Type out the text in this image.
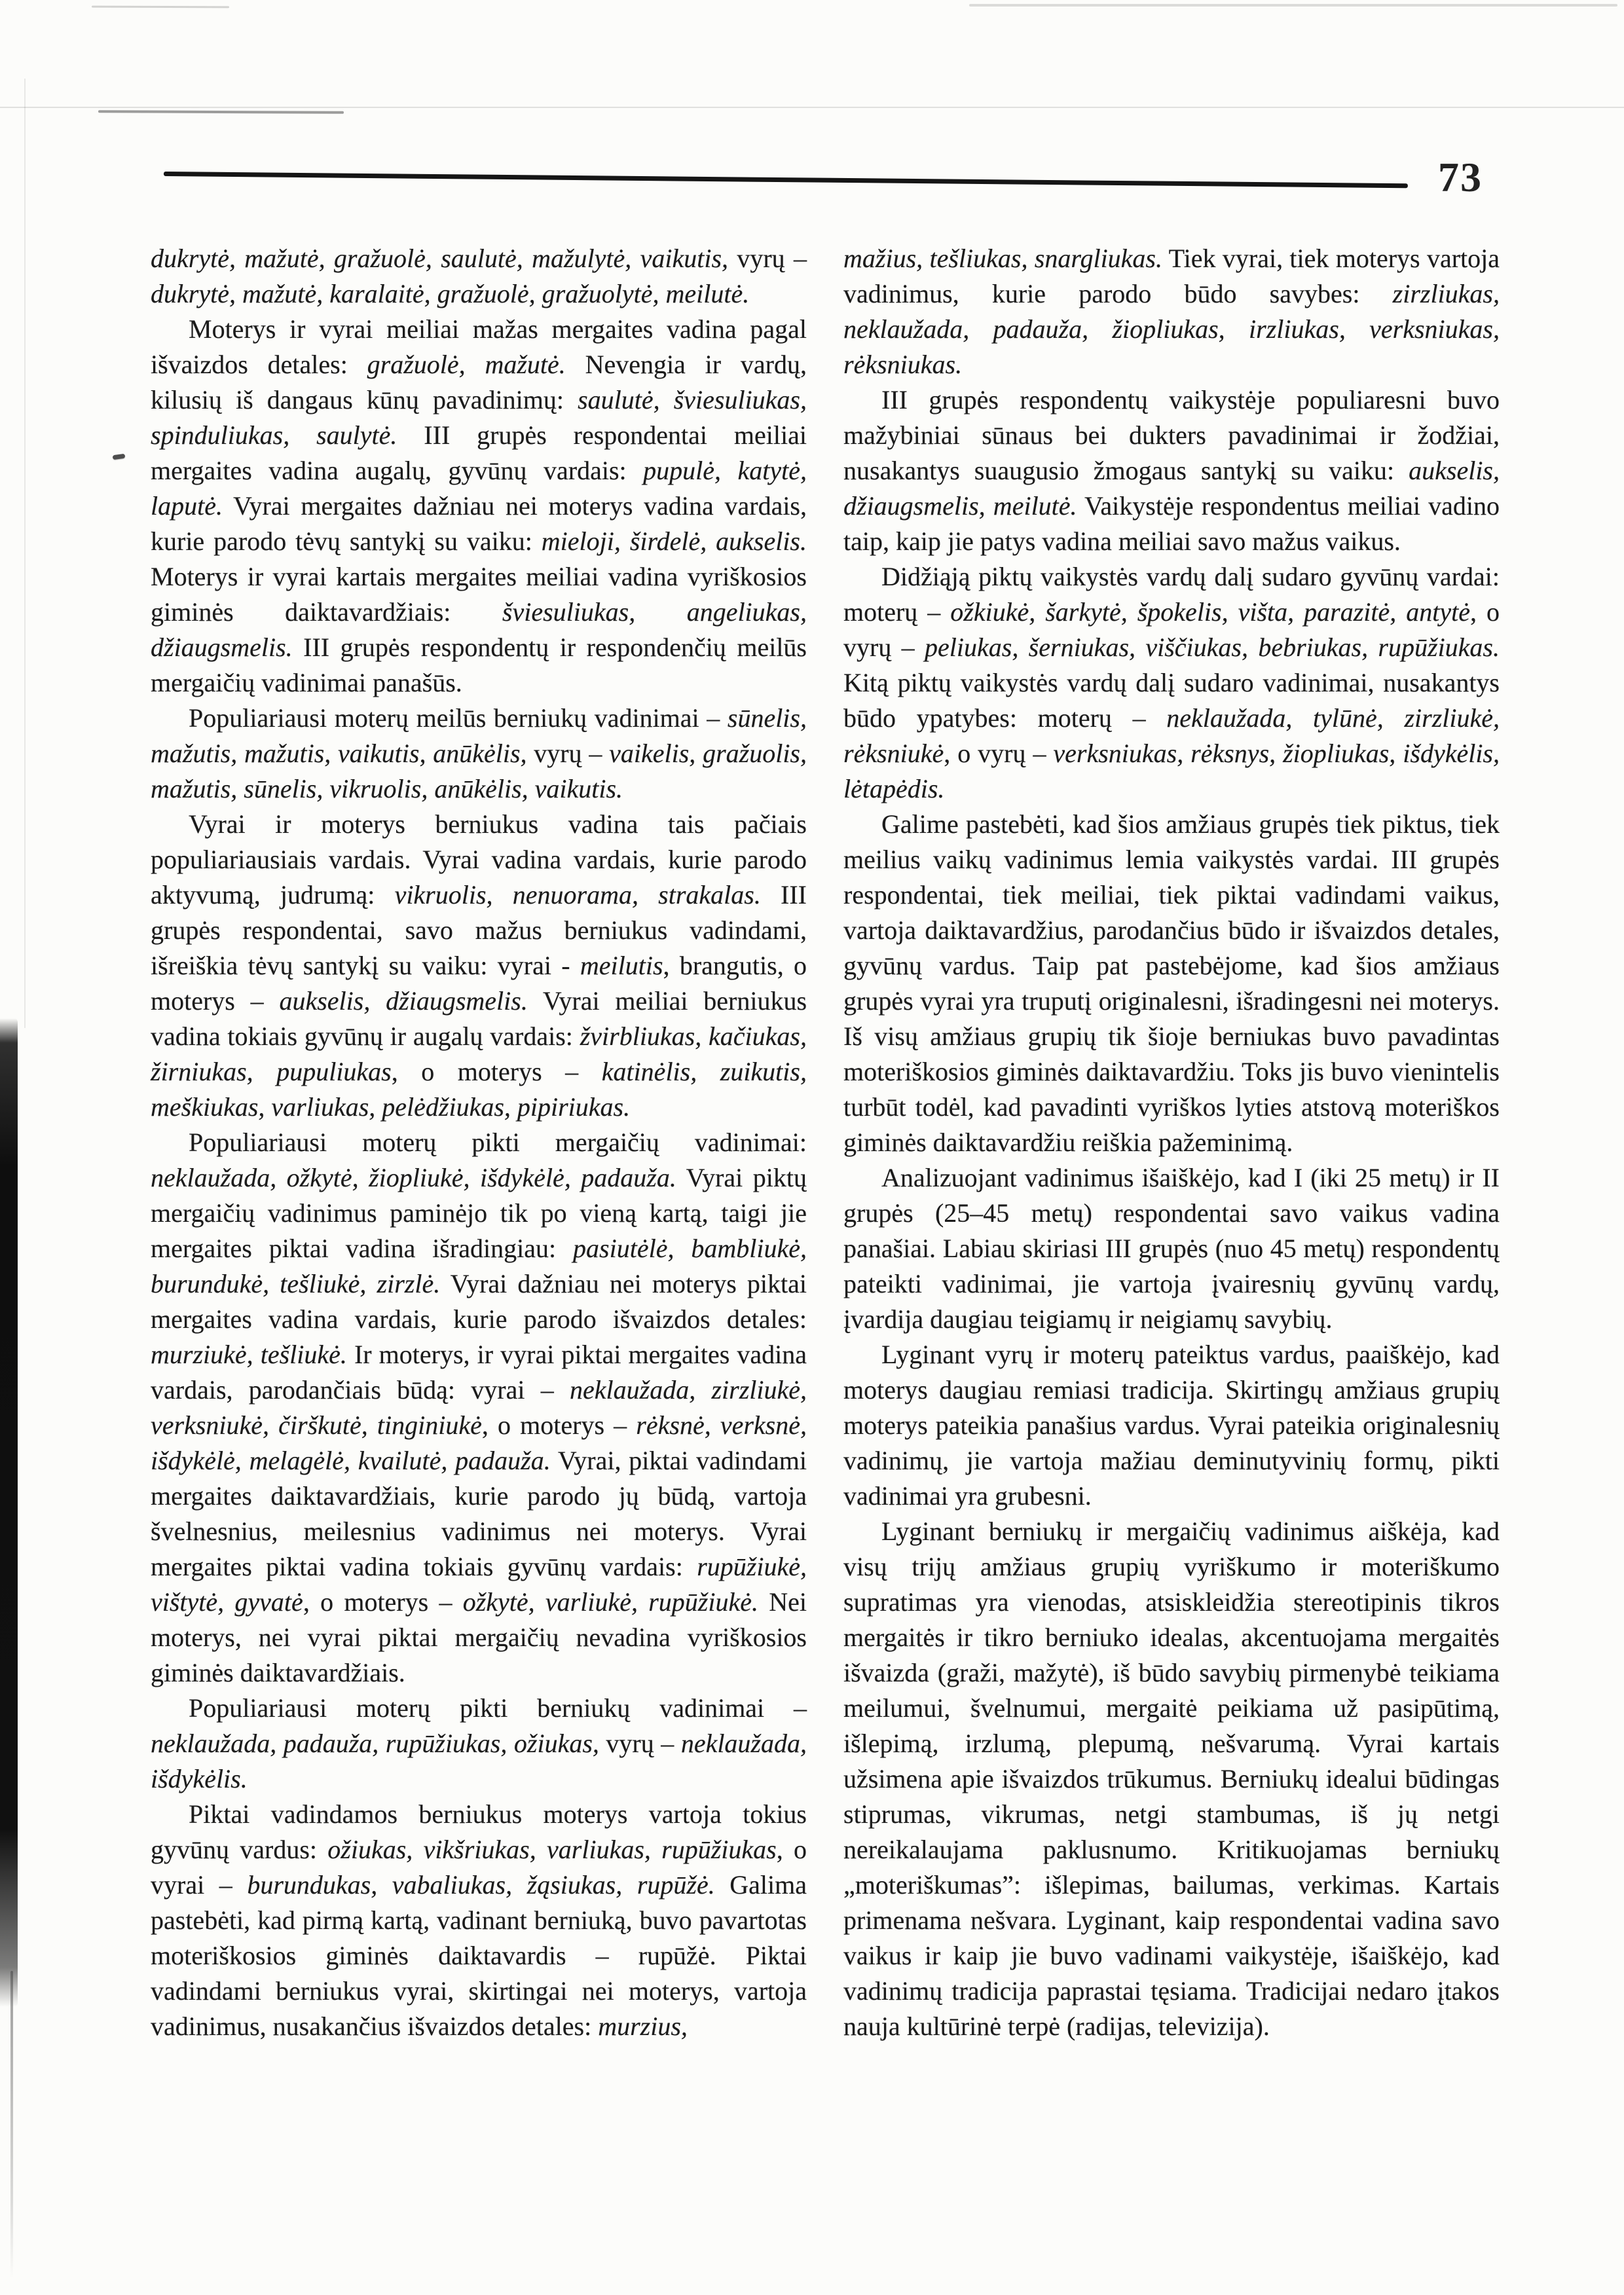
73

dukrytė, mažutė, gražuolė, saulutė, mažulytė, vaikutis, vyrų – dukrytė, mažutė, karalaitė, gražuolė, gražuolytė, meilutė.

Moterys ir vyrai meiliai mažas mergaites vadina pagal išvaizdos detales: gražuolė, mažutė. Nevengia ir vardų, kilusių iš dangaus kūnų pavadinimų: saulutė, šviesuliukas, spinduliukas, saulytė. III grupės respondentai meiliai mergaites vadina augalų, gyvūnų vardais: pupulė, katytė, laputė. Vyrai mergaites dažniau nei moterys vadina vardais, kurie parodo tėvų santykį su vaiku: mieloji, širdelė, aukselis. Moterys ir vyrai kartais mergaites meiliai vadina vyriškosios giminės daiktavardžiais: šviesuliukas, angeliukas, džiaugsmelis. III grupės respondentų ir respondenčių meilūs mergaičių vadinimai panašūs.

Populiariausi moterų meilūs berniukų vadinimai – sūnelis, mažutis, mažutis, vaikutis, anūkėlis, vyrų – vaikelis, gražuolis, mažutis, sūnelis, vikruolis, anūkėlis, vaikutis.

Vyrai ir moterys berniukus vadina tais pačiais populiariausiais vardais. Vyrai vadina vardais, kurie parodo aktyvumą, judrumą: vikruolis, nenuorama, strakalas. III grupės respondentai, savo mažus berniukus vadindami, išreiškia tėvų santykį su vaiku: vyrai - meilutis, brangutis, o moterys – aukselis, džiaugsmelis. Vyrai meiliai berniukus vadina tokiais gyvūnų ir augalų vardais: žvirbliukas, kačiukas, žirniukas, pupuliukas, o moterys – katinėlis, zuikutis, meškiukas, varliukas, pelėdžiukas, pipiriukas.

Populiariausi moterų pikti mergaičių vadinimai: neklaužada, ožkytė, žiopliukė, išdykėlė, padauža. Vyrai piktų mergaičių vadinimus paminėjo tik po vieną kartą, taigi jie mergaites piktai vadina išradingiau: pasiutėlė, bambliukė, burundukė, tešliukė, zirzlė. Vyrai dažniau nei moterys piktai mergaites vadina vardais, kurie parodo išvaizdos detales: murziukė, tešliukė. Ir moterys, ir vyrai piktai mergaites vadina vardais, parodančiais būdą: vyrai – neklaužada, zirzliukė, verksniukė, čirškutė, tinginiukė, o moterys – rėksnė, verksnė, išdykėlė, melagėlė, kvailutė, padauža. Vyrai, piktai vadindami mergaites daiktavardžiais, kurie parodo jų būdą, vartoja švelnesnius, meilesnius vadinimus nei moterys. Vyrai mergaites piktai vadina tokiais gyvūnų vardais: rupūžiukė, vištytė, gyvatė, o moterys – ožkytė, varliukė, rupūžiukė. Nei moterys, nei vyrai piktai mergaičių nevadina vyriškosios giminės daiktavardžiais.

Populiariausi moterų pikti berniukų vadinimai – neklaužada, padauža, rupūžiukas, ožiukas, vyrų – neklaužada, išdykėlis.

Piktai vadindamos berniukus moterys vartoja tokius gyvūnų vardus: ožiukas, vikšriukas, varliukas, rupūžiukas, o vyrai – burundukas, vabaliukas, žąsiukas, rupūžė. Galima pastebėti, kad pirmą kartą, vadinant berniuką, buvo pavartotas moteriškosios giminės daiktavardis – rupūžė. Piktai vadindami berniukus vyrai, skirtingai nei moterys, vartoja vadinimus, nusakančius išvaizdos detales: murzius,

mažius, tešliukas, snargliukas. Tiek vyrai, tiek moterys vartoja vadinimus, kurie parodo būdo savybes: zirzliukas, neklaužada, padauža, žiopliukas, irzliukas, verksniukas, rėksniukas.

III grupės respondentų vaikystėje populiaresni buvo mažybiniai sūnaus bei dukters pavadinimai ir žodžiai, nusakantys suaugusio žmogaus santykį su vaiku: aukselis, džiaugsmelis, meilutė. Vaikystėje respondentus meiliai vadino taip, kaip jie patys vadina meiliai savo mažus vaikus.

Didžiąją piktų vaikystės vardų dalį sudaro gyvūnų vardai: moterų – ožkiukė, šarkytė, špokelis, višta, parazitė, antytė, o vyrų – peliukas, šerniukas, viščiukas, bebriukas, rupūžiukas. Kitą piktų vaikystės vardų dalį sudaro vadinimai, nusakantys būdo ypatybes: moterų – neklaužada, tylūnė, zirzliukė, rėksniukė, o vyrų – verksniukas, rėksnys, žiopliukas, išdykėlis, lėtapėdis.

Galime pastebėti, kad šios amžiaus grupės tiek piktus, tiek meilius vaikų vadinimus lemia vaikystės vardai. III grupės respondentai, tiek meiliai, tiek piktai vadindami vaikus, vartoja daiktavardžius, parodančius būdo ir išvaizdos detales, gyvūnų vardus. Taip pat pastebėjome, kad šios amžiaus grupės vyrai yra truputį originalesni, išradingesni nei moterys. Iš visų amžiaus grupių tik šioje berniukas buvo pavadintas moteriškosios giminės daiktavardžiu. Toks jis buvo vienintelis turbūt todėl, kad pavadinti vyriškos lyties atstovą moteriškos giminės daiktavardžiu reiškia pažeminimą.

Analizuojant vadinimus išaiškėjo, kad I (iki 25 metų) ir II grupės (25–45 metų) respondentai savo vaikus vadina panašiai. Labiau skiriasi III grupės (nuo 45 metų) respondentų pateikti vadinimai, jie vartoja įvairesnių gyvūnų vardų, įvardija daugiau teigiamų ir neigiamų savybių.

Lyginant vyrų ir moterų pateiktus vardus, paaiškėjo, kad moterys daugiau remiasi tradicija. Skirtingų amžiaus grupių moterys pateikia panašius vardus. Vyrai pateikia originalesnių vadinimų, jie vartoja mažiau deminutyvinių formų, pikti vadinimai yra grubesni.

Lyginant berniukų ir mergaičių vadinimus aiškėja, kad visų trijų amžiaus grupių vyriškumo ir moteriškumo supratimas yra vienodas, atsiskleidžia stereotipinis tikros mergaitės ir tikro berniuko idealas, akcentuojama mergaitės išvaizda (graži, mažytė), iš būdo savybių pirmenybė teikiama meilumui, švelnumui, mergaitė peikiama už pasipūtimą, išlepimą, irzlumą, plepumą, nešvarumą. Vyrai kartais užsimena apie išvaizdos trūkumus. Berniukų idealui būdingas stiprumas, vikrumas, netgi stambumas, iš jų netgi nereikalaujama paklusnumo. Kritikuojamas berniukų „moteriškumas”: išlepimas, bailumas, verkimas. Kartais primenama nešvara. Lyginant, kaip respondentai vadina savo vaikus ir kaip jie buvo vadinami vaikystėje, išaiškėjo, kad vadinimų tradicija paprastai tęsiama. Tradicijai nedaro įtakos nauja kultūrinė terpė (radijas, televizija).
